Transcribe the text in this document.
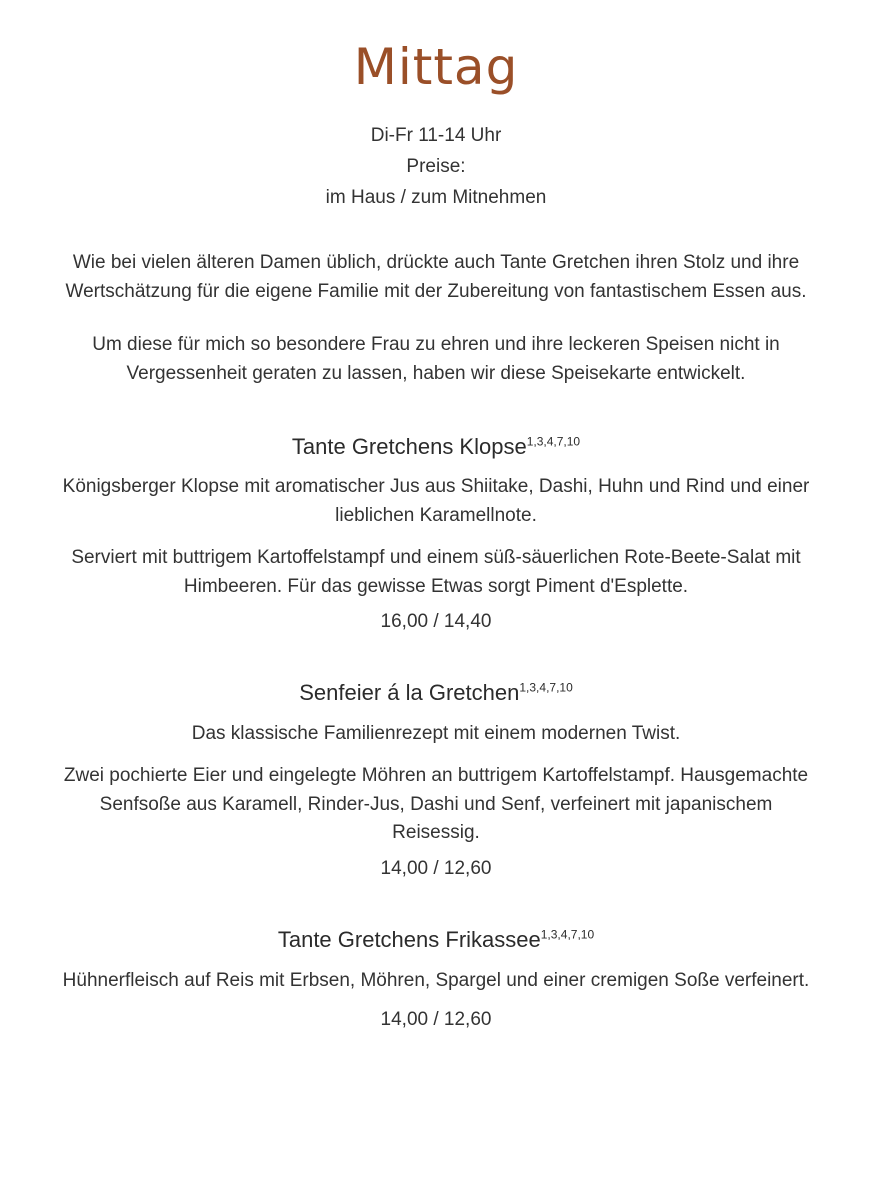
Mittag
Di-Fr 11-14 Uhr
Preise:
im Haus / zum Mitnehmen

Wie bei vielen älteren Damen üblich, drückte auch Tante Gretchen ihren Stolz und ihre Wertschätzung für die eigene Familie mit der Zubereitung von fantastischem Essen aus.

Um diese für mich so besondere Frau zu ehren und ihre leckeren Speisen nicht in Vergessenheit geraten zu lassen, haben wir diese Speisekarte entwickelt.

Tante Gretchens Klopse$^{1,3,4,7,10}$

Königsberger Klopse mit aromatischer Jus aus Shiitake, Dashi, Huhn und Rind und einer lieblichen Karamellnote.

Serviert mit buttrigem Kartoffelstampf und einem süß-säuerlichen Rote-Beete-Salat mit Himbeeren. Für das gewisse Etwas sorgt Piment d'Esplette.

16,00 / 14,40
Senfeier á la Gretchen$^{1,3,4,7,10}$

Das klassische Familienrezept mit einem modernen Twist.

Zwei pochierte Eier und eingelegte Möhren an buttrigem Kartoffelstampf. Hausgemachte Senfsoße aus Karamell, Rinder-Jus, Dashi und Senf, verfeinert mit japanischem Reisessig.

14,00 / 12,60
Tante Gretchens Frikassee$^{1,3,4,7,10}$

Hühnerfleisch auf Reis mit Erbsen, Möhren, Spargel und einer cremigen Soße verfeinert.

14,00 / 12,60
